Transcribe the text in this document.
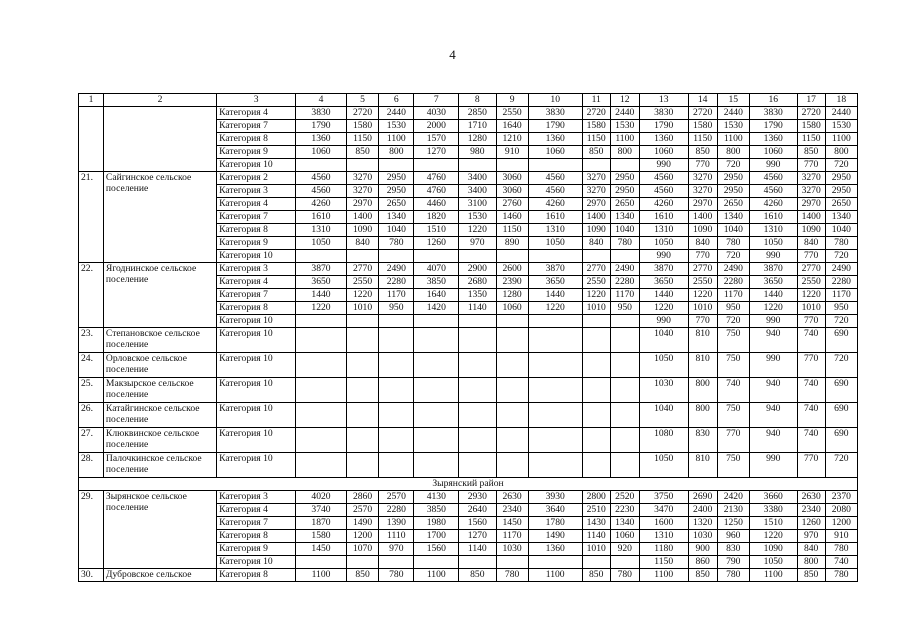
4
1	2	3	4	5	6	7	8	9	10	11	12	13	14	15	16	17	18
		Категория 4	3830	2720	2440	4030	2850	2550	3830	2720	2440	3830	2720	2440	3830	2720	2440
		Категория 7	1790	1580	1530	2000	1710	1640	1790	1580	1530	1790	1580	1530	1790	1580	1530
		Категория 8	1360	1150	1100	1570	1280	1210	1360	1150	1100	1360	1150	1100	1360	1150	1100
		Категория 9	1060	850	800	1270	980	910	1060	850	800	1060	850	800	1060	850	800
		Категория 10										990	770	720	990	770	720
21.	Сайгинское сельское поселение	Категория 2	4560	3270	2950	4760	3400	3060	4560	3270	2950	4560	3270	2950	4560	3270	2950
		Категория 3	4560	3270	2950	4760	3400	3060	4560	3270	2950	4560	3270	2950	4560	3270	2950
		Категория 4	4260	2970	2650	4460	3100	2760	4260	2970	2650	4260	2970	2650	4260	2970	2650
		Категория 7	1610	1400	1340	1820	1530	1460	1610	1400	1340	1610	1400	1340	1610	1400	1340
		Категория 8	1310	1090	1040	1510	1220	1150	1310	1090	1040	1310	1090	1040	1310	1090	1040
		Категория 9	1050	840	780	1260	970	890	1050	840	780	1050	840	780	1050	840	780
		Категория 10										990	770	720	990	770	720
22.	Ягоднинское сельское поселение	Категория 3	3870	2770	2490	4070	2900	2600	3870	2770	2490	3870	2770	2490	3870	2770	2490
		Категория 4	3650	2550	2280	3850	2680	2390	3650	2550	2280	3650	2550	2280	3650	2550	2280
		Категория 7	1440	1220	1170	1640	1350	1280	1440	1220	1170	1440	1220	1170	1440	1220	1170
		Категория 8	1220	1010	950	1420	1140	1060	1220	1010	950	1220	1010	950	1220	1010	950
		Категория 10										990	770	720	990	770	720
23.	Степановское сельское поселение	Категория 10										1040	810	750	940	740	690
24.	Орловское сельское поселение	Категория 10										1050	810	750	990	770	720
25.	Макзырское сельское поселение	Категория 10										1030	800	740	940	740	690
26.	Катайгинское сельское поселение	Категория 10										1040	800	750	940	740	690
27.	Клюквинское сельское поселение	Категория 10										1080	830	770	940	740	690
28.	Палочкинское сельское поселение	Категория 10										1050	810	750	990	770	720
Зырянский район																	
29.	Зырянское сельское поселение	Категория 3	4020	2860	2570	4130	2930	2630	3930	2800	2520	3750	2690	2420	3660	2630	2370
		Категория 4	3740	2570	2280	3850	2640	2340	3640	2510	2230	3470	2400	2130	3380	2340	2080
		Категория 7	1870	1490	1390	1980	1560	1450	1780	1430	1340	1600	1320	1250	1510	1260	1200
		Категория 8	1580	1200	1110	1700	1270	1170	1490	1140	1060	1310	1030	960	1220	970	910
		Категория 9	1450	1070	970	1560	1140	1030	1360	1010	920	1180	900	830	1090	840	780
		Категория 10										1150	860	790	1050	800	740
30.	Дубровское сельское	Категория 8	1100	850	780	1100	850	780	1100	850	780	1100	850	780	1100	850	780
